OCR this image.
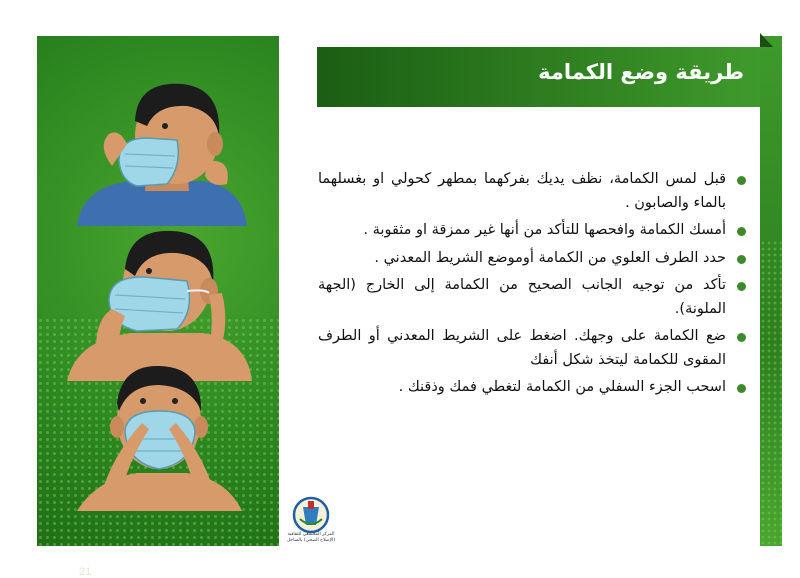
21
طريقة وضع الكمامة
قبل لمس الكمامة، نظف يديك بفركهما بمطهر كحولي او بغسلهما بالماء والصابون .
أمسك الكمامة وافحصها للتأكد من أنها غير ممزقة او مثقوبة .
حدد الطرف العلوي من الكمامة أوموضع الشريط المعدني .
تأكد من توجيه الجانب الصحيح من الكمامة إلى الخارج (الجهة الملونة).
ضع الكمامة على وجهك. اضغط على الشريط المعدني أو الطرف المقوى للكمامة ليتخذ شكل أنفك
اسحب الجزء السفلي من الكمامة لتغطي فمك وذقنك .
المركز المجتمعي للثقافية (الإصلاح الصحي) بالساحل
